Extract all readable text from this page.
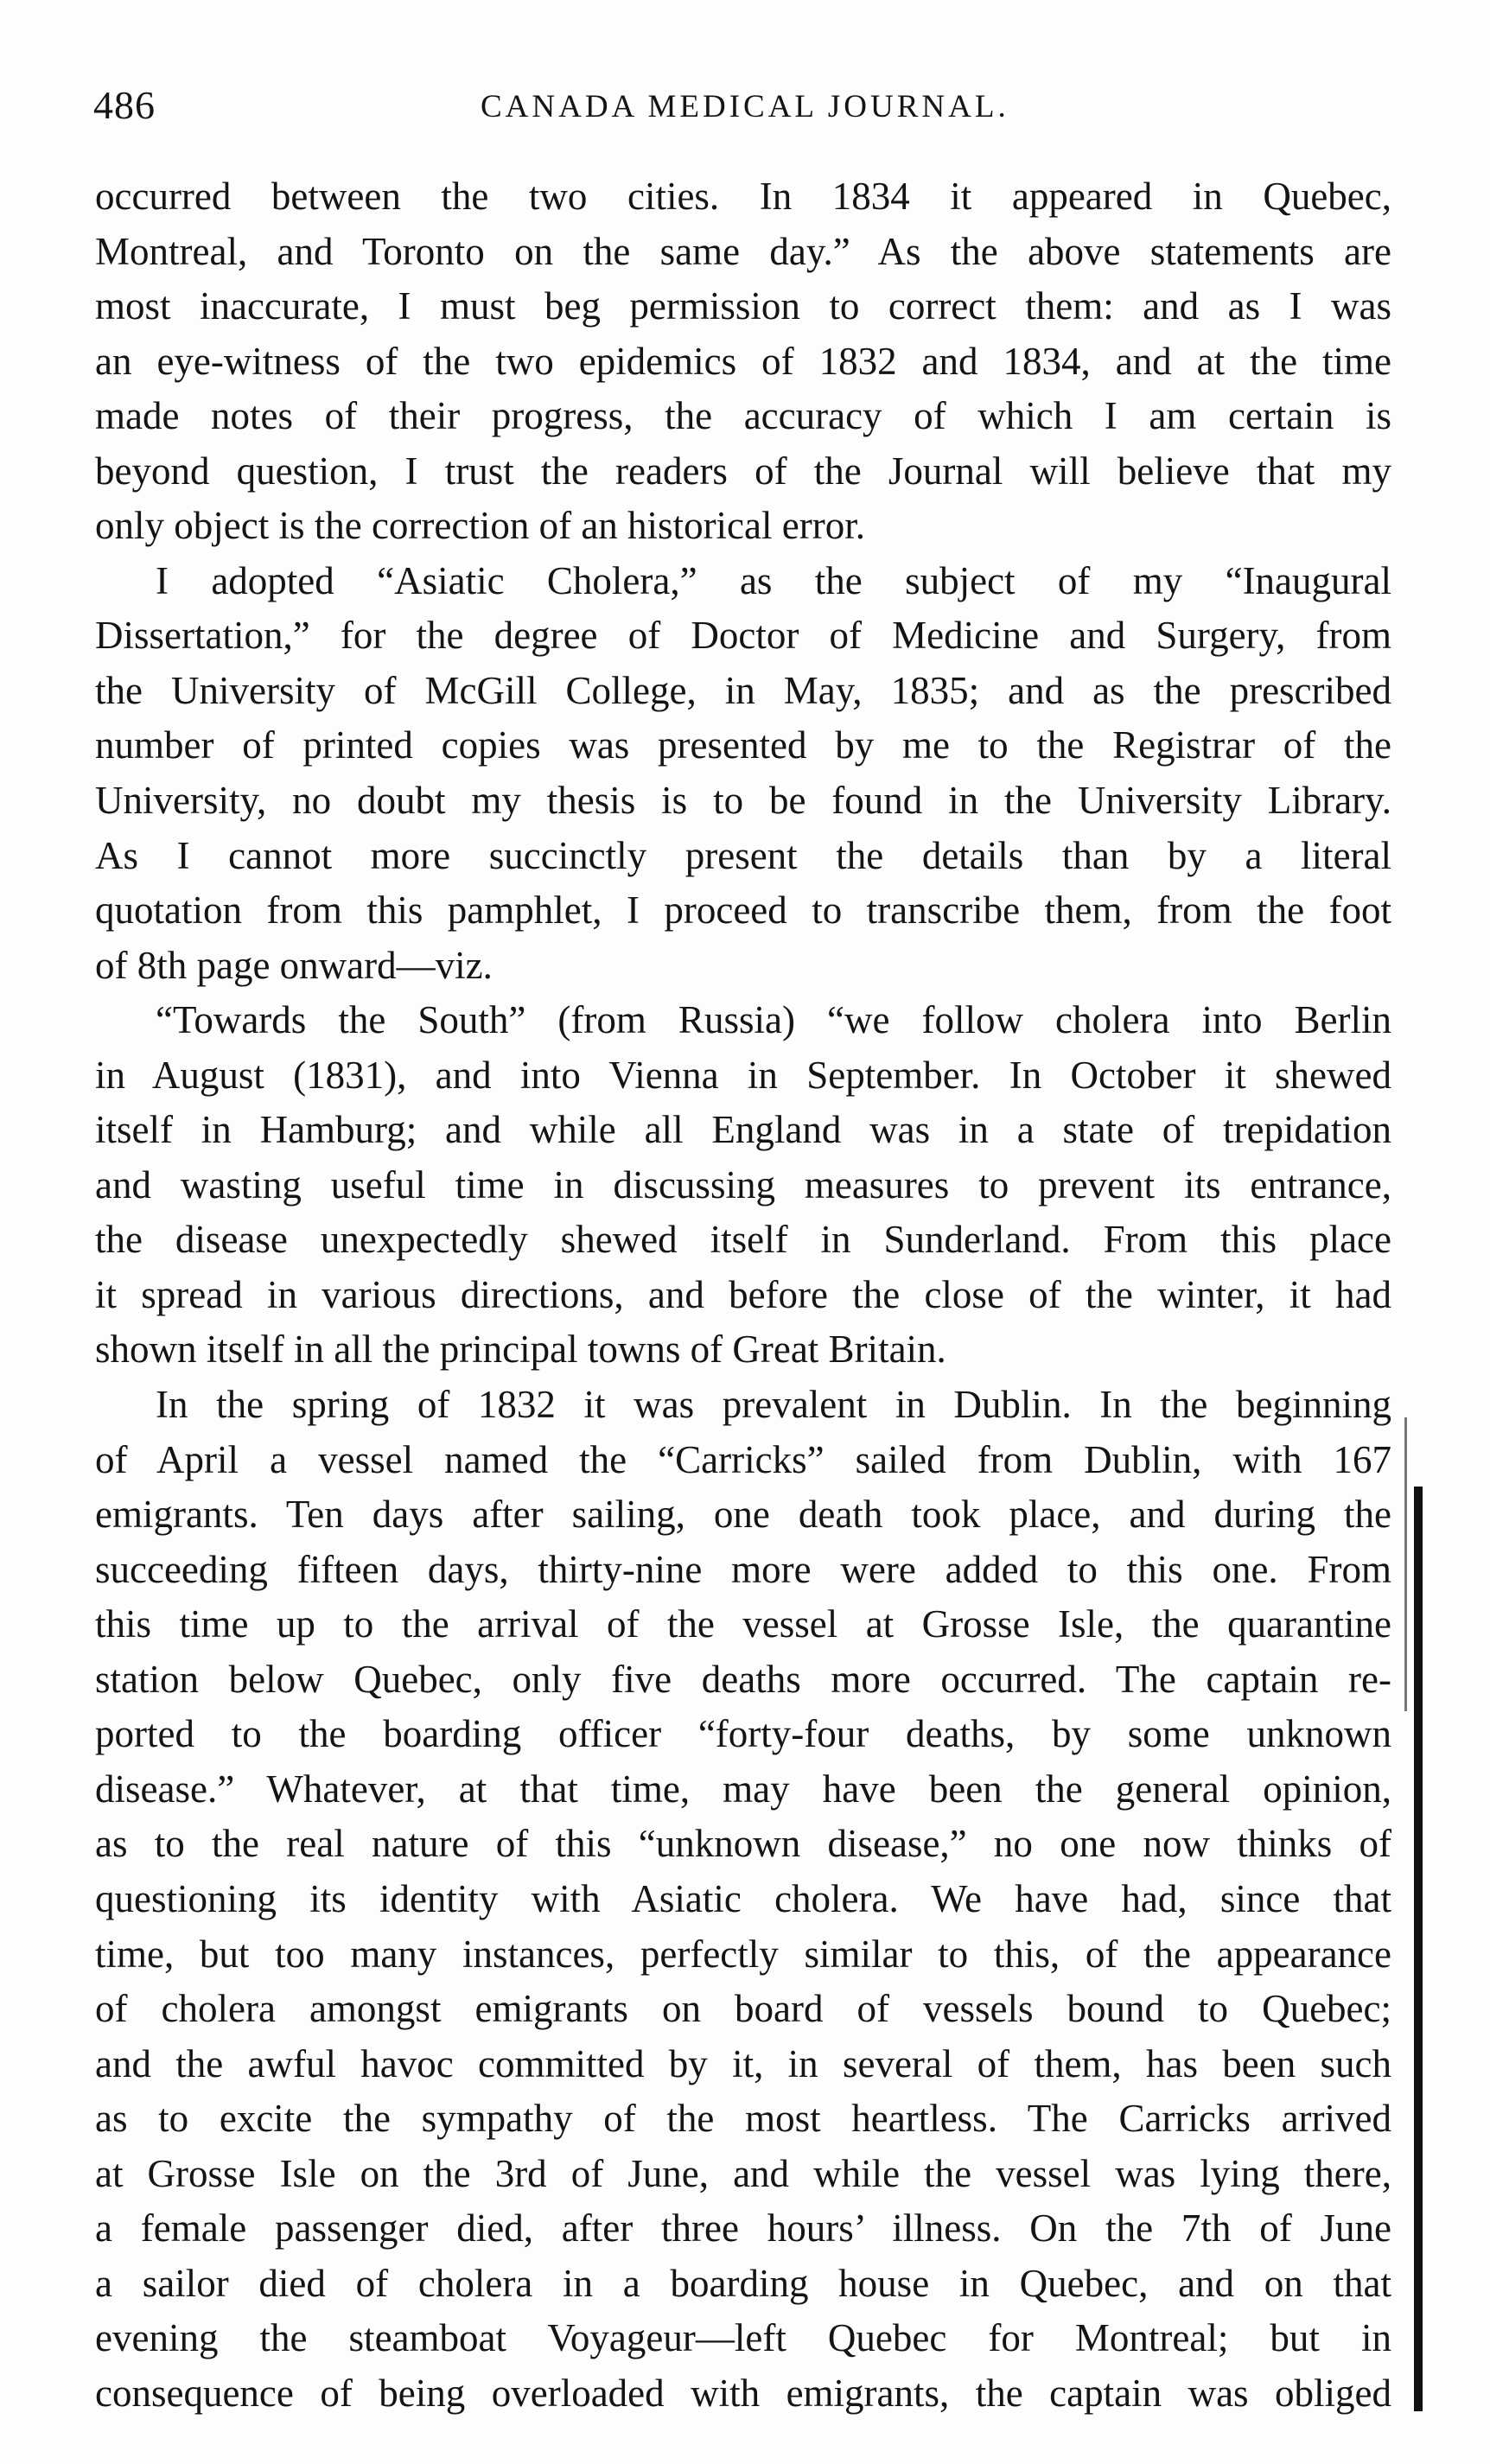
486	CANADA MEDICAL JOURNAL.
occurred between the two cities. In 1834 it appeared in Quebec,
Montreal, and Toronto on the same day.” As the above statements are
most inaccurate, I must beg permission to correct them: and as I was
an eye-witness of the two epidemics of 1832 and 1834, and at the time
made notes of their progress, the accuracy of which I am certain is
beyond question, I trust the readers of the Journal will believe that my
only object is the correction of an historical error.
I adopted “Asiatic Cholera,” as the subject of my “Inaugural
Dissertation,” for the degree of Doctor of Medicine and Surgery, from
the University of McGill College, in May, 1835; and as the prescribed
number of printed copies was presented by me to the Registrar of the
University, no doubt my thesis is to be found in the University Library.
As I cannot more succinctly present the details than by a literal
quotation from this pamphlet, I proceed to transcribe them, from the foot
of 8th page onward—viz.
“Towards the South” (from Russia) “we follow cholera into Berlin
in August (1831), and into Vienna in September. In October it shewed
itself in Hamburg; and while all England was in a state of trepidation
and wasting useful time in discussing measures to prevent its entrance,
the disease unexpectedly shewed itself in Sunderland. From this place
it spread in various directions, and before the close of the winter, it had
shown itself in all the principal towns of Great Britain.
In the spring of 1832 it was prevalent in Dublin. In the beginning
of April a vessel named the “Carricks” sailed from Dublin, with 167
emigrants. Ten days after sailing, one death took place, and during the
succeeding fifteen days, thirty-nine more were added to this one. From
this time up to the arrival of the vessel at Grosse Isle, the quarantine
station below Quebec, only five deaths more occurred. The captain re-
ported to the boarding officer “forty-four deaths, by some unknown
disease.” Whatever, at that time, may have been the general opinion,
as to the real nature of this “unknown disease,” no one now thinks of
questioning its identity with Asiatic cholera. We have had, since that
time, but too many instances, perfectly similar to this, of the appearance
of cholera amongst emigrants on board of vessels bound to Quebec;
and the awful havoc committed by it, in several of them, has been such
as to excite the sympathy of the most heartless. The Carricks arrived
at Grosse Isle on the 3rd of June, and while the vessel was lying there,
a female passenger died, after three hours’ illness. On the 7th of June
a sailor died of cholera in a boarding house in Quebec, and on that
evening the steamboat Voyageur—left Quebec for Montreal; but in
consequence of being overloaded with emigrants, the captain was obliged
